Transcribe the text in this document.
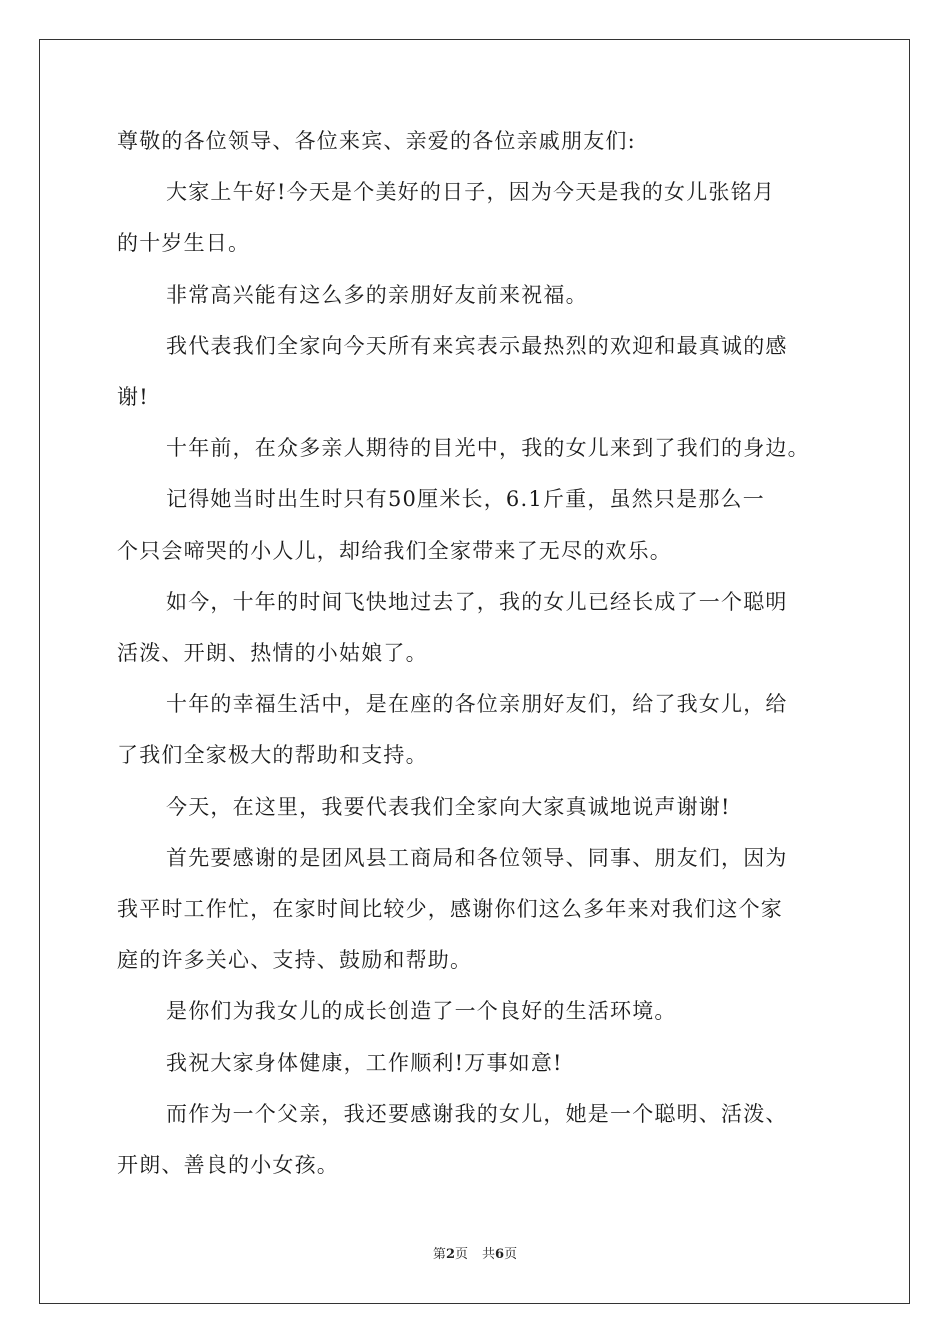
尊敬的各位领导、各位来宾、亲爱的各位亲戚朋友们:
大家上午好!今天是个美好的日子，因为今天是我的女儿张铭月
的十岁生日。
非常高兴能有这么多的亲朋好友前来祝福。
我代表我们全家向今天所有来宾表示最热烈的欢迎和最真诚的感
谢!
十年前，在众多亲人期待的目光中，我的女儿来到了我们的身边。
记得她当时出生时只有50厘米长，6.1斤重，虽然只是那么一
个只会啼哭的小人儿，却给我们全家带来了无尽的欢乐。
如今，十年的时间飞快地过去了，我的女儿已经长成了一个聪明
活泼、开朗、热情的小姑娘了。
十年的幸福生活中，是在座的各位亲朋好友们，给了我女儿，给
了我们全家极大的帮助和支持。
今天，在这里，我要代表我们全家向大家真诚地说声谢谢!
首先要感谢的是团风县工商局和各位领导、同事、朋友们，因为
我平时工作忙，在家时间比较少，感谢你们这么多年来对我们这个家
庭的许多关心、支持、鼓励和帮助。
是你们为我女儿的成长创造了一个良好的生活环境。
我祝大家身体健康，工作顺利!万事如意!
而作为一个父亲，我还要感谢我的女儿，她是一个聪明、活泼、
开朗、善良的小女孩。
第2页 共6页
